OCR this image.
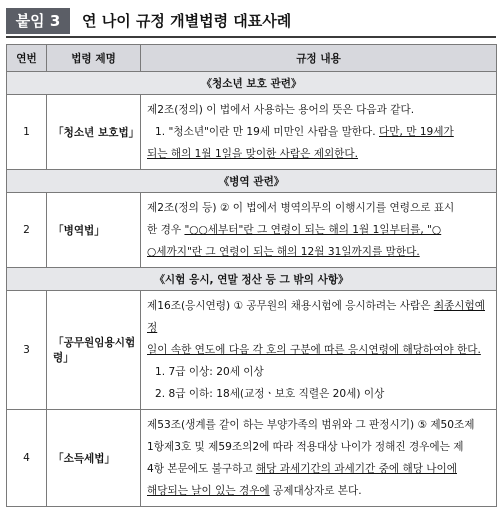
붙임 3	연 나이 규정 개별법령 대표사례
연번	법령 제명	규정 내용
《청소년 보호 관련》		
1	「청소년 보호법」	제2조(정의) 이 법에서 사용하는 용어의 뜻은 다음과 같다.
1. "청소년"이란 만 19세 미만인 사람을 말한다. 다만, 만 19세가
되는 해의 1월 1일을 맞이한 사람은 제외한다.

《병역 관련》		
2	「병역법」	제2조(정의 등) ② 이 법에서 병역의무의 이행시기를 연령으로 표시
한 경우 "○○세부터"란 그 연령이 되는 해의 1월 1일부터를, "○
○세까지"란 그 연령이 되는 해의 12월 31일까지를 말한다.

《시험 응시, 연말 정산 등 그 밖의 사항》		
3	「공무원임용시험령」	제16조(응시연령) ① 공무원의 채용시험에 응시하려는 사람은 최종시험예정
일이 속한 연도에 다음 각 호의 구분에 따른 응시연령에 해당하여야 한다.
1. 7급 이상: 20세 이상
2. 8급 이하: 18세(교정ㆍ보호 직렬은 20세) 이상

4	「소득세법」	제53조(생계를 같이 하는 부양가족의 범위와 그 판정시기) ⑤ 제50조제
1항제3호 및 제59조의2에 따라 적용대상 나이가 정해진 경우에는 제
4항 본문에도 불구하고 해당 과세기간의 과세기간 중에 해당 나이에
해당되는 날이 있는 경우에 공제대상자로 본다.
